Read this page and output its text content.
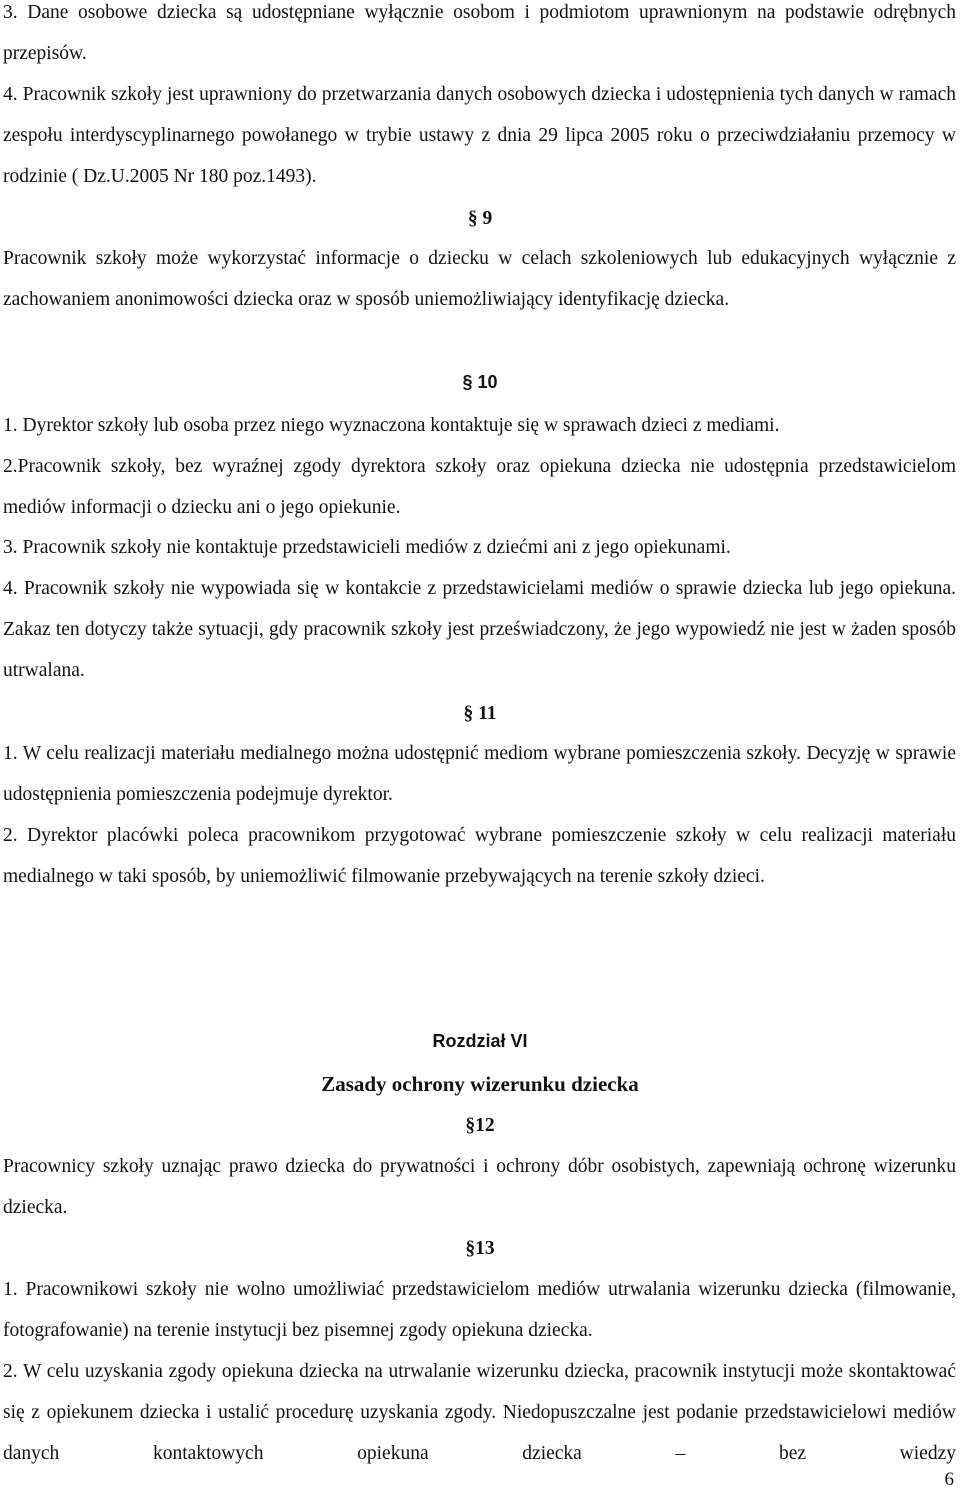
3. Dane osobowe dziecka są udostępniane wyłącznie osobom i podmiotom uprawnionym na podstawie odrębnych przepisów.

4. Pracownik szkoły jest uprawniony do przetwarzania danych osobowych dziecka i udostępnienia tych danych w ramach zespołu interdyscyplinarnego powołanego w trybie ustawy z dnia 29 lipca 2005 roku o przeciwdziałaniu przemocy w rodzinie ( Dz.U.2005 Nr 180 poz.1493).

§ 9

Pracownik szkoły może wykorzystać informacje o dziecku w celach szkoleniowych lub edukacyjnych wyłącznie z zachowaniem anonimowości dziecka oraz w sposób uniemożliwiający identyfikację dziecka.

§ 10

1. Dyrektor szkoły lub osoba przez niego wyznaczona kontaktuje się w sprawach dzieci z mediami.

2.Pracownik szkoły, bez wyraźnej zgody dyrektora szkoły oraz opiekuna dziecka nie udostępnia przedstawicielom mediów informacji o dziecku ani o jego opiekunie.

3. Pracownik szkoły nie kontaktuje przedstawicieli mediów z dziećmi ani z jego opiekunami.

4. Pracownik szkoły nie wypowiada się w kontakcie z przedstawicielami mediów o sprawie dziecka lub jego opiekuna. Zakaz ten dotyczy także sytuacji, gdy pracownik szkoły jest przeświadczony, że jego wypowiedź nie jest w żaden sposób utrwalana.

§ 11

1. W celu realizacji materiału medialnego można udostępnić mediom wybrane pomieszczenia szkoły. Decyzję w sprawie udostępnienia pomieszczenia podejmuje dyrektor.

2. Dyrektor placówki poleca pracownikom przygotować wybrane pomieszczenie szkoły w celu realizacji materiału medialnego w taki sposób, by uniemożliwić filmowanie przebywających na terenie szkoły dzieci.

Rozdział VI
Zasady ochrony wizerunku dziecka
§12

Pracownicy szkoły uznając prawo dziecka do prywatności i ochrony dóbr osobistych, zapewniają ochronę wizerunku dziecka.

§13

1. Pracownikowi szkoły nie wolno umożliwiać przedstawicielom mediów utrwalania wizerunku dziecka (filmowanie, fotografowanie) na terenie instytucji bez pisemnej zgody opiekuna dziecka.

2. W celu uzyskania zgody opiekuna dziecka na utrwalanie wizerunku dziecka, pracownik instytucji może skontaktować się z opiekunem dziecka i ustalić procedurę uzyskania zgody. Niedopuszczalne jest podanie przedstawicielowi mediów danych kontaktowych opiekuna dziecka – bez wiedzy

6
